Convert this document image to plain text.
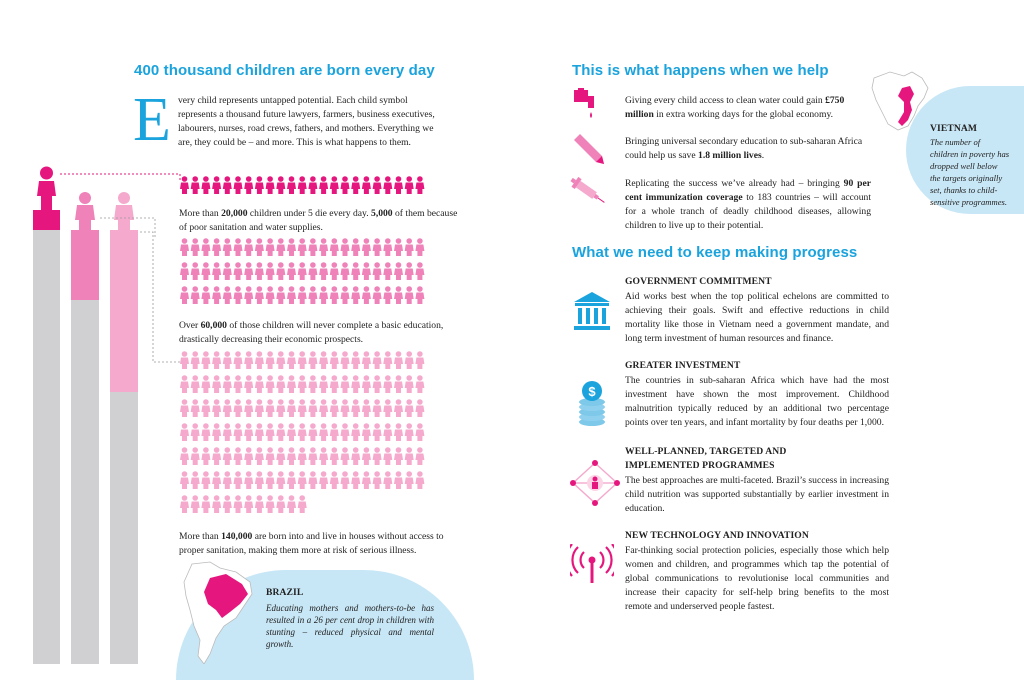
400 thousand children are born every day
E very child represents untapped potential. Each child symbol represents a thousand future lawyers, farmers, business executives, labourers, nurses, road crews, fathers, and mothers. Everything we are, they could be – and more. This is what happens to them.
More than 20,000 children under 5 die every day. 5,000 of them because of poor sanitation and water supplies.
Over 60,000 of those children will never complete a basic education, drastically decreasing their economic prospects.
More than 140,000 are born into and live in houses without access to proper sanitation, making them more at risk of serious illness.
BRAZIL
Educating mothers and mothers-to-be has resulted in a 26 per cent drop in children with stunting – reduced physical and mental growth.
This is what happens when we help
VIETNAM
The number of children in poverty has dropped well below the targets originally set, thanks to child-sensitive programmes.
Giving every child access to clean water could gain £750 million in extra working days for the global economy.
Bringing universal secondary education to sub-saharan Africa could help us save 1.8 million lives.
Replicating the success we’ve already had – bringing 90 per cent immunization coverage to 183 countries – will account for a whole tranch of deadly childhood diseases, allowing children to live up to their potential.
What we need to keep making progress
GOVERNMENT COMMITMENT
Aid works best when the top political echelons are committed to achieving their goals. Swift and effective reductions in child mortality like those in Vietnam need a government mandate, and long term investment of human resources and finance.
$
GREATER INVESTMENT
The countries in sub-saharan Africa which have had the most investment have shown the most improvement. Childhood malnutrition typically reduced by an additional two percentage points over ten years, and infant mortality by four deaths per 1,000.
WELL-PLANNED, TARGETED AND IMPLEMENTED PROGRAMMES
The best approaches are multi-faceted. Brazil’s success in increasing child nutrition was supported substantially by earlier investment in education.
NEW TECHNOLOGY AND INNOVATION
Far-thinking social protection policies, especially those which help women and children, and programmes which tap the potential of global communications to revolutionise local communities and increase their capacity for self-help bring benefits to the most remote and underserved people fastest.
